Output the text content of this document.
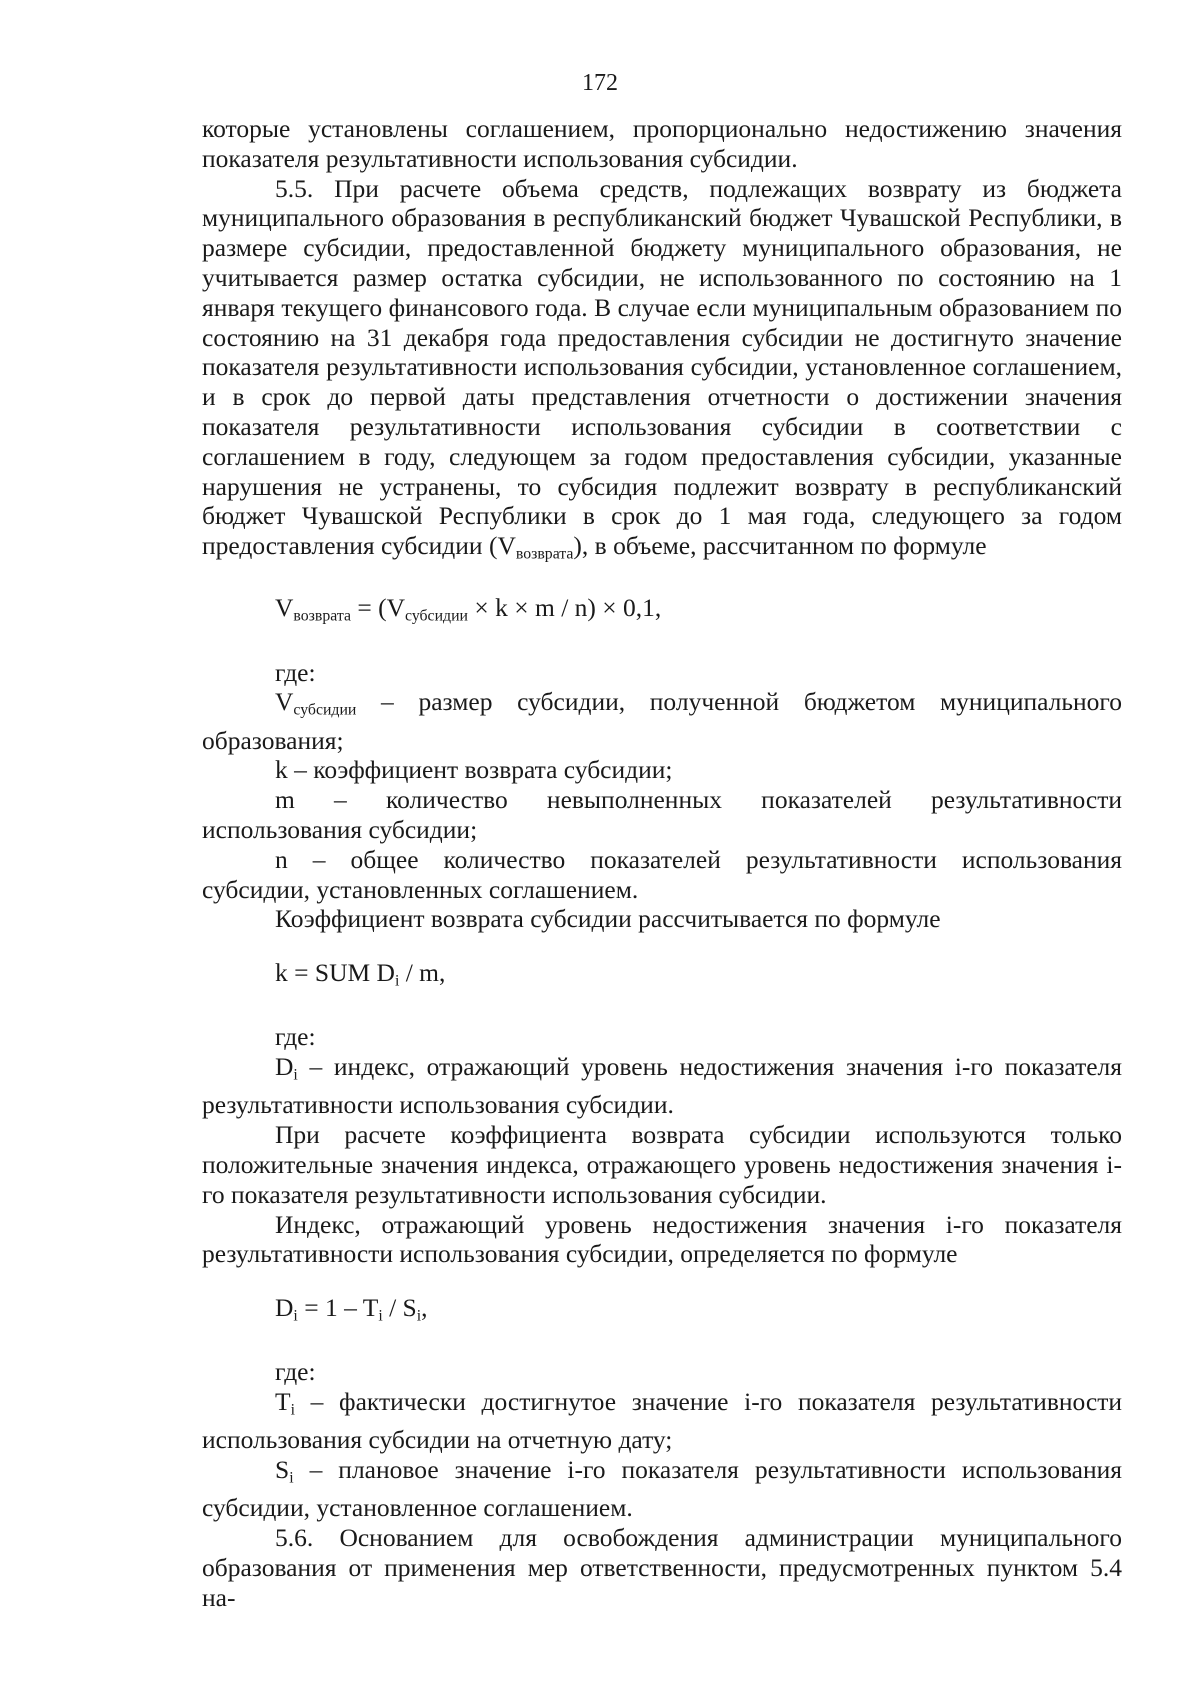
172

которые установлены соглашением, пропорционально недостижению значения

показателя результативности использования субсидии.

5.5. При расчете объема средств, подлежащих возврату из бюджета муниципального образования в республиканский бюджет Чувашской Республики, в размере субсидии, предоставленной бюджету муниципального образования, не учитывается размер остатка субсидии, не использованного по состоянию на 1 января текущего финансового года. В случае если муниципальным образованием по состоянию на 31 декабря года предоставления субсидии не достигнуто значение показателя результативности использования субсидии, установленное соглашением, и в срок до первой даты представления отчетности о достижении значения показателя результативности использования субсидии в соответствии с соглашением в году, следующем за годом предоставления субсидии, указанные нарушения не устранены, то субсидия подлежит возврату в республиканский бюджет Чувашской Республики в срок до 1 мая года, следующего за годом предоставления субсидии $(V_{возврата})$, в объеме, рассчитанном по формуле

$V_{возврата} = (V_{субсидии} \times k \times m / n) \times 0,1$,

где:

$V_{субсидии}$ – размер субсидии, полученной бюджетом муниципального образования;

k – коэффициент возврата субсидии;

m – количество невыполненных показателей результативности использования субсидии;

n – общее количество показателей результативности использования субсидии, установленных соглашением.

Коэффициент возврата субсидии рассчитывается по формуле

k = SUM $D_i$ / m,

где:

$D_i$ – индекс, отражающий уровень недостижения значения i-го показателя результативности использования субсидии.

При расчете коэффициента возврата субсидии используются только положительные значения индекса, отражающего уровень недостижения значения i-го показателя результативности использования субсидии.

Индекс, отражающий уровень недостижения значения i-го показателя результативности использования субсидии, определяется по формуле

$D_i = 1 - T_i / S_i$,

где:

$T_i$ – фактически достигнутое значение i-го показателя результативности использования субсидии на отчетную дату;

$S_i$ – плановое значение i-го показателя результативности использования субсидии, установленное соглашением.

5.6. Основанием для освобождения администрации муниципального образования от применения мер ответственности, предусмотренных пунктом 5.4 на-
